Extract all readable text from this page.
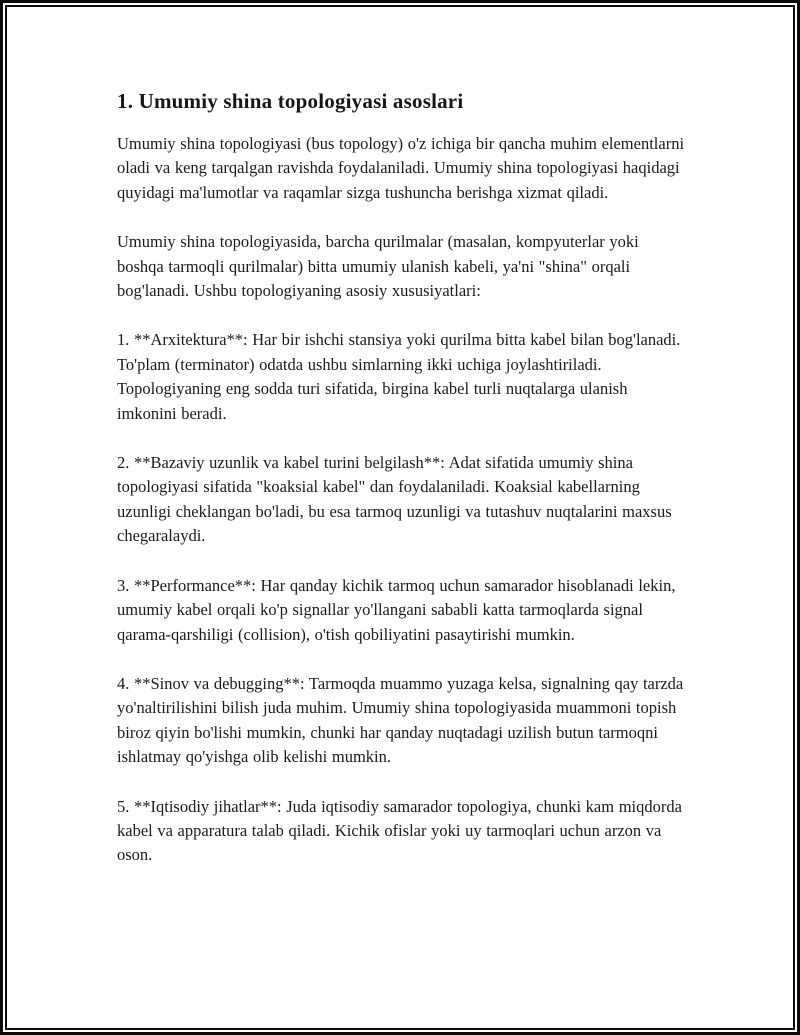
1. Umumiy shina topologiyasi asoslari

Umumiy shina topologiyasi (bus topology) o'z ichiga bir qancha muhim elementlarni oladi va keng tarqalgan ravishda foydalaniladi. Umumiy shina topologiyasi haqidagi quyidagi ma'lumotlar va raqamlar sizga tushuncha berishga xizmat qiladi.

Umumiy shina topologiyasida, barcha qurilmalar (masalan, kompyuterlar yoki boshqa tarmoqli qurilmalar) bitta umumiy ulanish kabeli, ya'ni "shina" orqali bog'lanadi. Ushbu topologiyaning asosiy xususiyatlari:

1. **Arxitektura**: Har bir ishchi stansiya yoki qurilma bitta kabel bilan bog'lanadi. To'plam (terminator) odatda ushbu simlarning ikki uchiga joylashtiriladi. Topologiyaning eng sodda turi sifatida, birgina kabel turli nuqtalarga ulanish imkonini beradi.

2. **Bazaviy uzunlik va kabel turini belgilash**: Adat sifatida umumiy shina topologiyasi sifatida "koaksial kabel" dan foydalaniladi. Koaksial kabellarning uzunligi cheklangan bo'ladi, bu esa tarmoq uzunligi va tutashuv nuqtalarini maxsus chegaralaydi.

3. **Performance**: Har qanday kichik tarmoq uchun samarador hisoblanadi lekin, umumiy kabel orqali ko'p signallar yo'llangani sababli katta tarmoqlarda signal qarama-qarshiligi (collision), o'tish qobiliyatini pasaytirishi mumkin.

4. **Sinov va debugging**: Tarmoqda muammo yuzaga kelsa, signalning qay tarzda yo'naltirilishini bilish juda muhim. Umumiy shina topologiyasida muammoni topish biroz qiyin bo'lishi mumkin, chunki har qanday nuqtadagi uzilish butun tarmoqni ishlatmay qo'yishga olib kelishi mumkin.

5. **Iqtisodiy jihatlar**: Juda iqtisodiy samarador topologiya, chunki kam miqdorda kabel va apparatura talab qiladi. Kichik ofislar yoki uy tarmoqlari uchun arzon va oson.
